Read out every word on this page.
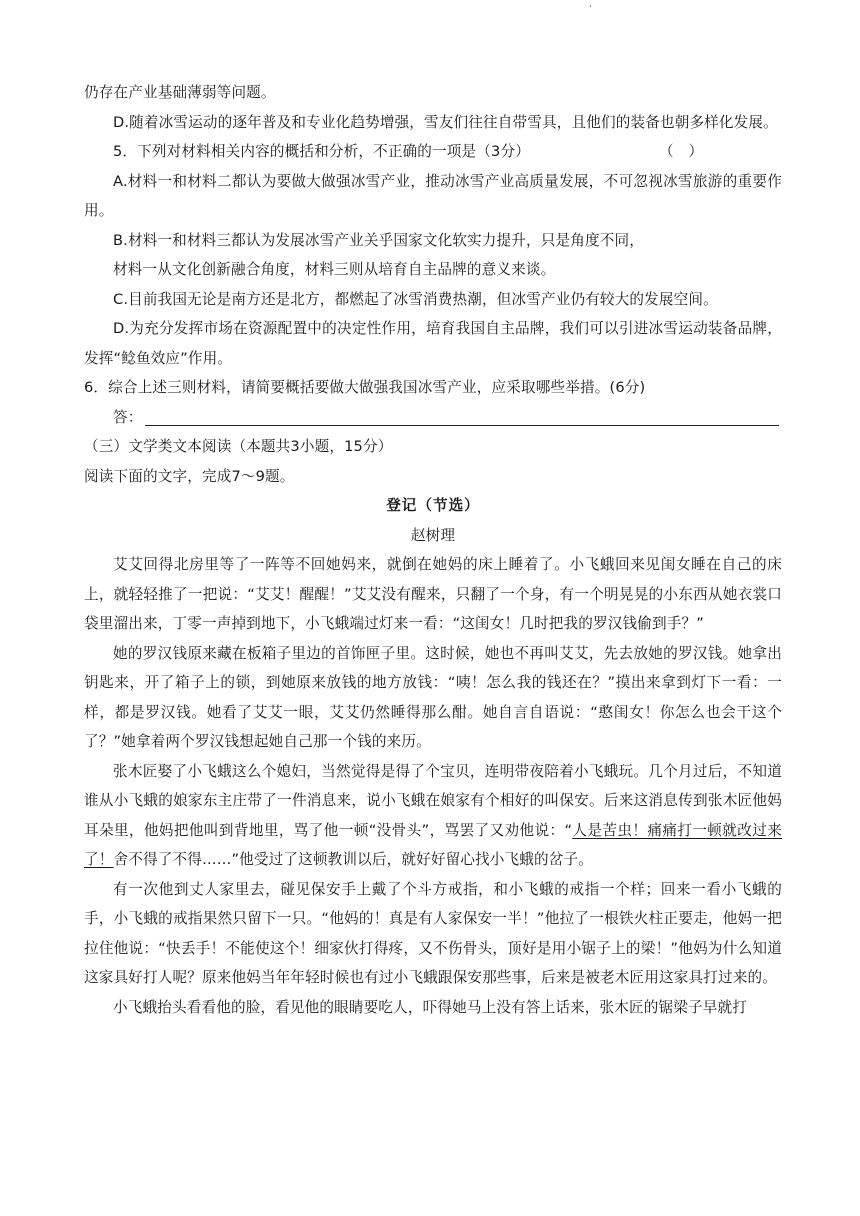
·

仍存在产业基础薄弱等问题。

D.随着冰雪运动的逐年普及和专业化趋势增强，雪友们往往自带雪具，且他们的装备也朝多样化发展。

5．下列对材料相关内容的概括和分析，不正确的一项是（3分）	（　）

A.材料一和材料二都认为要做大做强冰雪产业，推动冰雪产业高质量发展，不可忽视冰雪旅游的重要作用。

B.材料一和材料三都认为发展冰雪产业关乎国家文化软实力提升，只是角度不同，

材料一从文化创新融合角度，材料三则从培育自主品牌的意义来谈。

C.目前我国无论是南方还是北方，都燃起了冰雪消费热潮，但冰雪产业仍有较大的发展空间。

D.为充分发挥市场在资源配置中的决定性作用，培育我国自主品牌，我们可以引进冰雪运动装备品牌，发挥“鲶鱼效应”作用。

6．综合上述三则材料，请简要概括要做大做强我国冰雪产业，应采取哪些举措。(6分)

答：

（三）文学类文本阅读（本题共3小题，15分）

阅读下面的文字，完成7～9题。

登记（节选）

赵树理

艾艾回得北房里等了一阵等不回她妈来，就倒在她妈的床上睡着了。小飞蛾回来见闺女睡在自己的床上，就轻轻推了一把说：“艾艾！醒醒！”艾艾没有醒来，只翻了一个身，有一个明晃晃的小东西从她衣裳口袋里溜出来，丁零一声掉到地下，小飞蛾端过灯来一看：“这闺女！几时把我的罗汉钱偷到手？”

她的罗汉钱原来藏在板箱子里边的首饰匣子里。这时候，她也不再叫艾艾，先去放她的罗汉钱。她拿出钥匙来，开了箱子上的锁，到她原来放钱的地方放钱：“咦！怎么我的钱还在？”摸出来拿到灯下一看：一样，都是罗汉钱。她看了艾艾一眼，艾艾仍然睡得那么酣。她自言自语说：“憨闺女！你怎么也会干这个了？”她拿着两个罗汉钱想起她自己那一个钱的来历。

张木匠娶了小飞蛾这么个媳妇，当然觉得是得了个宝贝，连明带夜陪着小飞蛾玩。几个月过后，不知道谁从小飞蛾的娘家东主庄带了一件消息来，说小飞蛾在娘家有个相好的叫保安。后来这消息传到张木匠他妈耳朵里，他妈把他叫到背地里，骂了他一顿“没骨头”，骂罢了又劝他说：“人是苦虫！痛痛打一顿就改过来了！舍不得了不得……”他受过了这顿教训以后，就好好留心找小飞蛾的岔子。

有一次他到丈人家里去，碰见保安手上戴了个斗方戒指，和小飞蛾的戒指一个样；回来一看小飞蛾的手，小飞蛾的戒指果然只留下一只。“他妈的！真是有人家保安一半！”他拉了一根铁火柱正要走，他妈一把拉住他说：“快丢手！不能使这个！细家伙打得疼，又不伤骨头，顶好是用小锯子上的梁！”他妈为什么知道这家具好打人呢？原来他妈当年年轻时候也有过小飞蛾跟保安那些事，后来是被老木匠用这家具打过来的。

小飞蛾抬头看看他的脸，看见他的眼睛要吃人，吓得她马上没有答上话来，张木匠的锯梁子早就打
